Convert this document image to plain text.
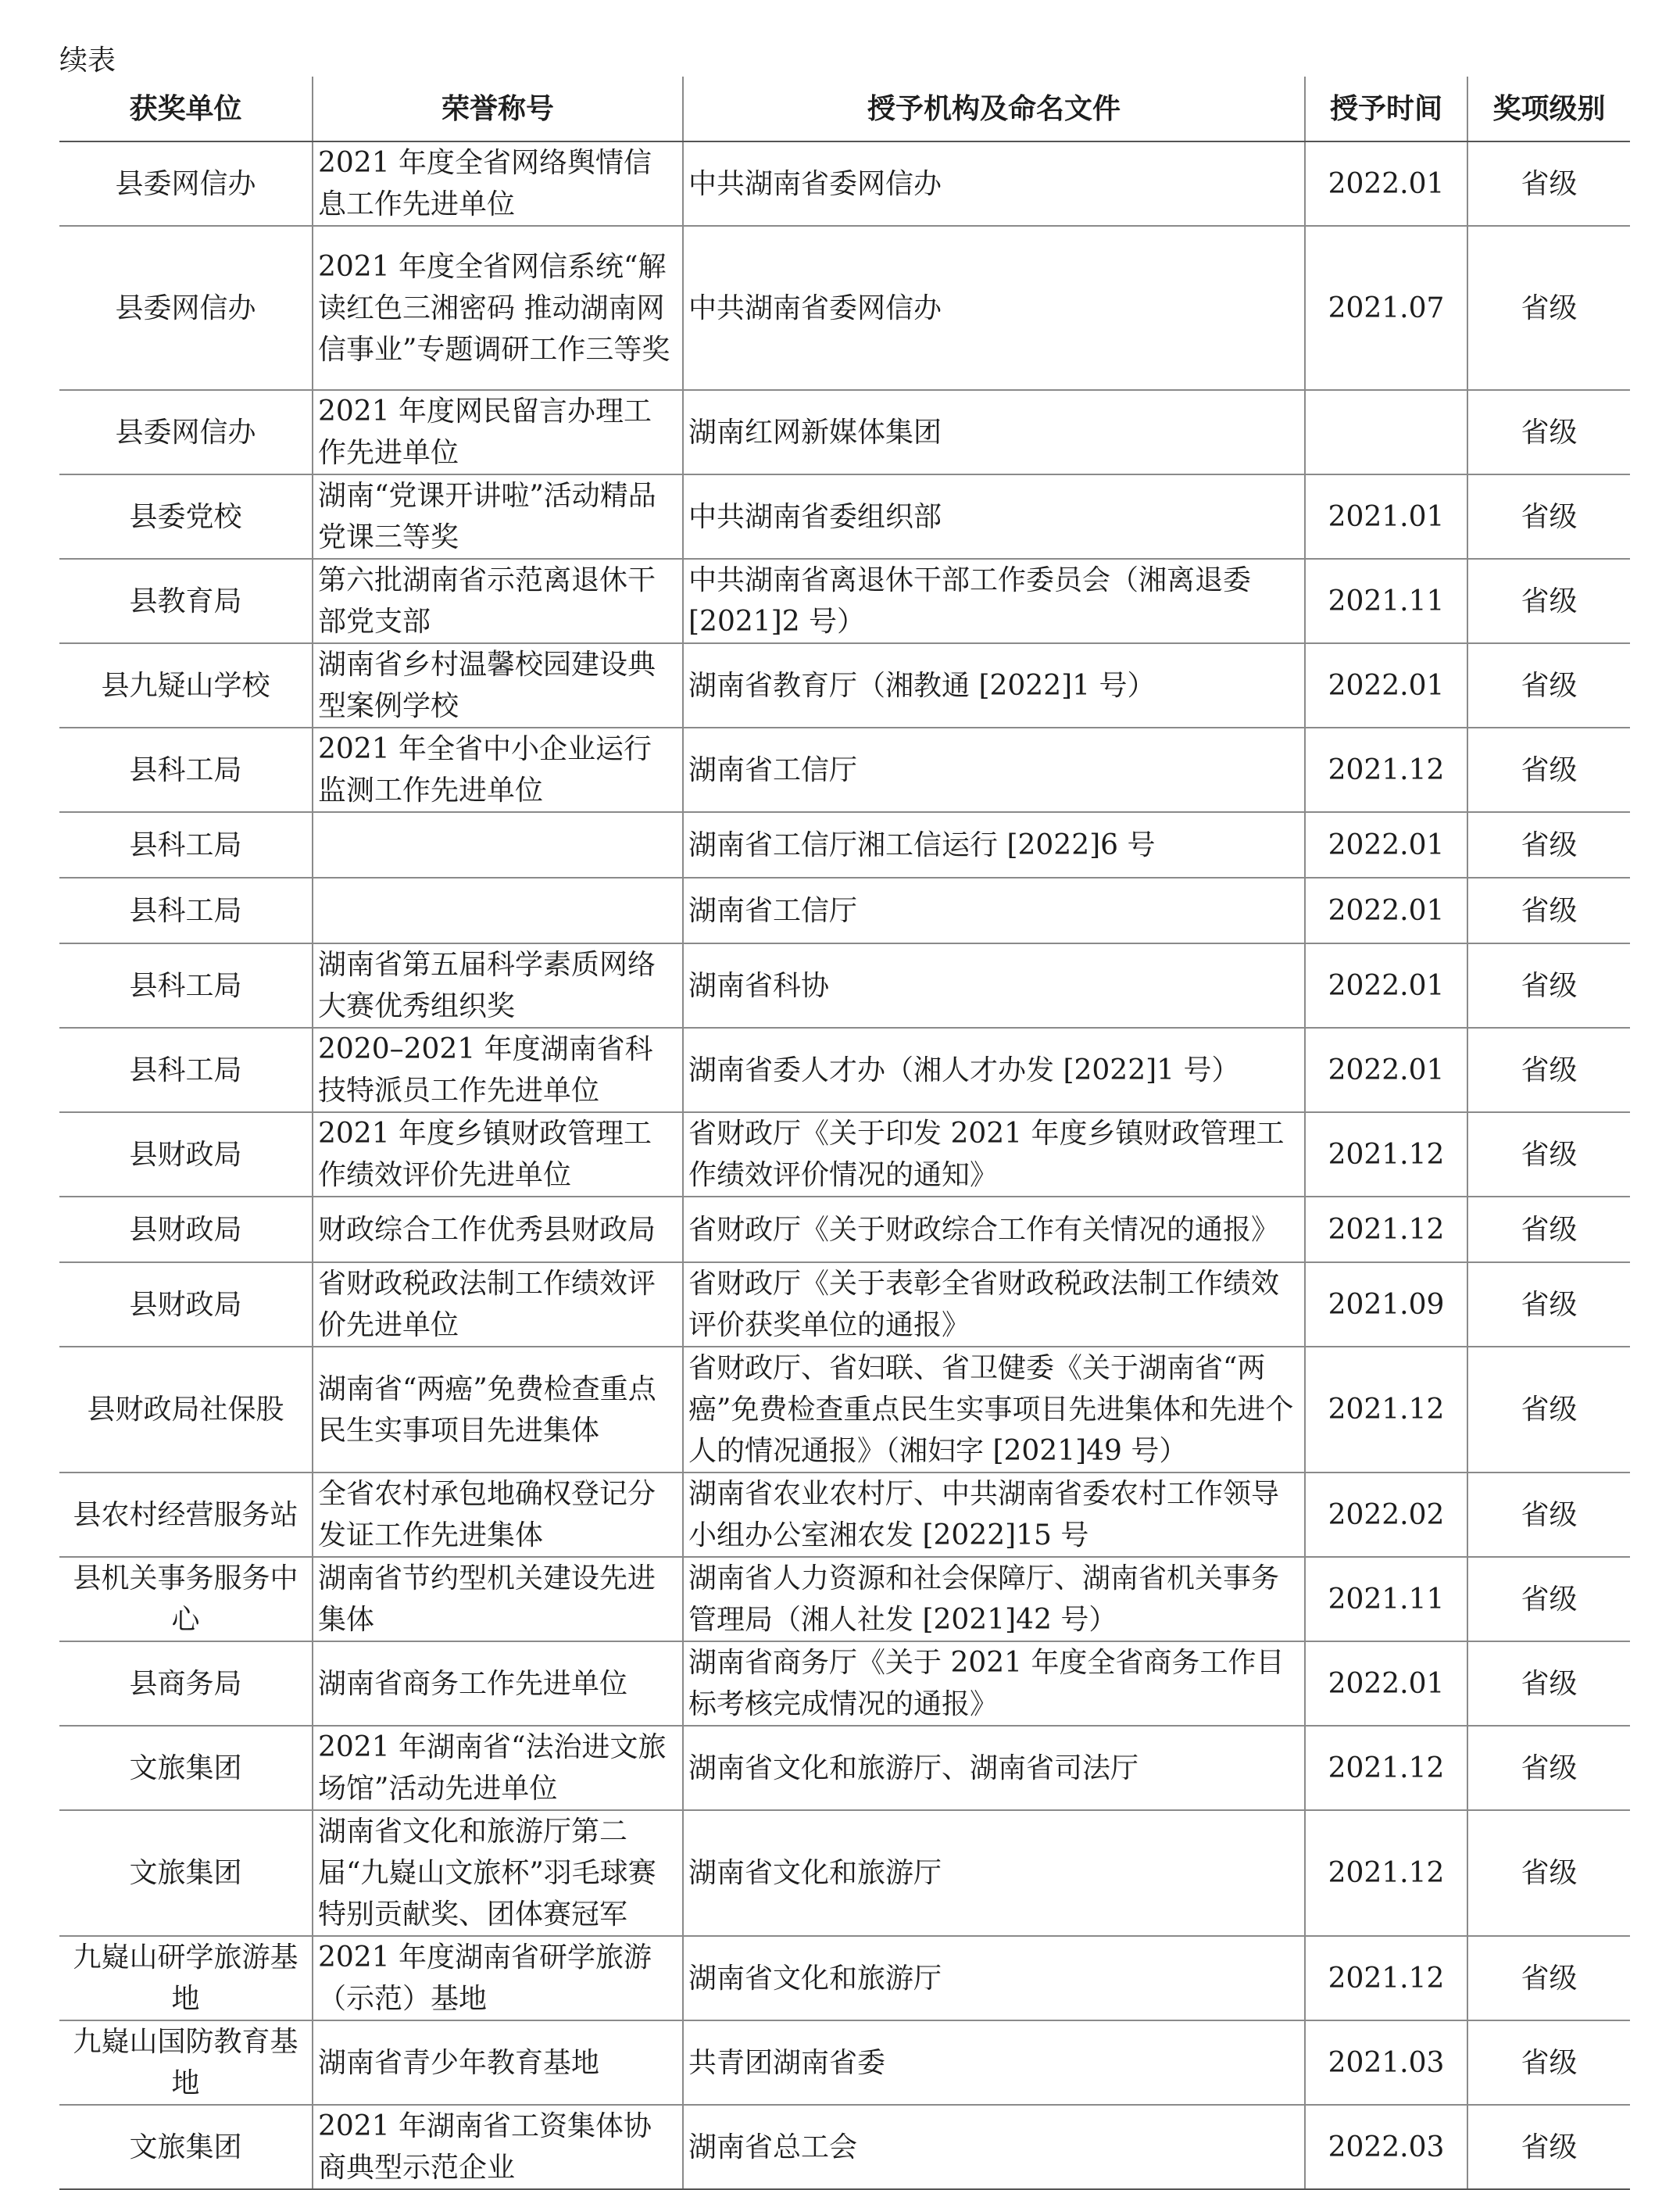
续表
获奖单位	荣誉称号	授予机构及命名文件	授予时间	奖项级别
县委网信办	2021 年度全省网络舆情信息工作先进单位	中共湖南省委网信办	2022.01	省级
县委网信办	2021 年度全省网信系统“解读红色三湘密码 推动湖南网信事业”专题调研工作三等奖	中共湖南省委网信办	2021.07	省级
县委网信办	2021 年度网民留言办理工作先进单位	湖南红网新媒体集团		省级
县委党校	湖南“党课开讲啦”活动精品党课三等奖	中共湖南省委组织部	2021.01	省级
县教育局	第六批湖南省示范离退休干部党支部	中共湖南省离退休干部工作委员会（湘离退委[2021]2 号）	2021.11	省级
县九疑山学校	湖南省乡村温馨校园建设典型案例学校	湖南省教育厅（湘教通 [2022]1 号）	2022.01	省级
县科工局	2021 年全省中小企业运行监测工作先进单位	湖南省工信厅	2021.12	省级
县科工局		湖南省工信厅湘工信运行 [2022]6 号	2022.01	省级
县科工局		湖南省工信厅	2022.01	省级
县科工局	湖南省第五届科学素质网络大赛优秀组织奖	湖南省科协	2022.01	省级
县科工局	2020–2021 年度湖南省科技特派员工作先进单位	湖南省委人才办（湘人才办发 [2022]1 号）	2022.01	省级
县财政局	2021 年度乡镇财政管理工作绩效评价先进单位	省财政厅《关于印发 2021 年度乡镇财政管理工作绩效评价情况的通知》	2021.12	省级
县财政局	财政综合工作优秀县财政局	省财政厅《关于财政综合工作有关情况的通报》	2021.12	省级
县财政局	省财政税政法制工作绩效评价先进单位	省财政厅《关于表彰全省财政税政法制工作绩效评价获奖单位的通报》	2021.09	省级
县财政局社保股	湖南省“两癌”免费检查重点民生实事项目先进集体	省财政厅、省妇联、省卫健委《关于湖南省“两癌”免费检查重点民生实事项目先进集体和先进个人的情况通报》（湘妇字 [2021]49 号）	2021.12	省级
县农村经营服务站	全省农村承包地确权登记分发证工作先进集体	湖南省农业农村厅、中共湖南省委农村工作领导小组办公室湘农发 [2022]15 号	2022.02	省级
县机关事务服务中心	湖南省节约型机关建设先进集体	湖南省人力资源和社会保障厅、湖南省机关事务管理局（湘人社发 [2021]42 号）	2021.11	省级
县商务局	湖南省商务工作先进单位	湖南省商务厅《关于 2021 年度全省商务工作目标考核完成情况的通报》	2022.01	省级
文旅集团	2021 年湖南省“法治进文旅场馆”活动先进单位	湖南省文化和旅游厅、湖南省司法厅	2021.12	省级
文旅集团	湖南省文化和旅游厅第二届“九嶷山文旅杯”羽毛球赛特别贡献奖、团体赛冠军	湖南省文化和旅游厅	2021.12	省级
九嶷山研学旅游基地	2021 年度湖南省研学旅游（示范）基地	湖南省文化和旅游厅	2021.12	省级
九嶷山国防教育基地	湖南省青少年教育基地	共青团湖南省委	2021.03	省级
文旅集团	2021 年湖南省工资集体协商典型示范企业	湖南省总工会	2022.03	省级
